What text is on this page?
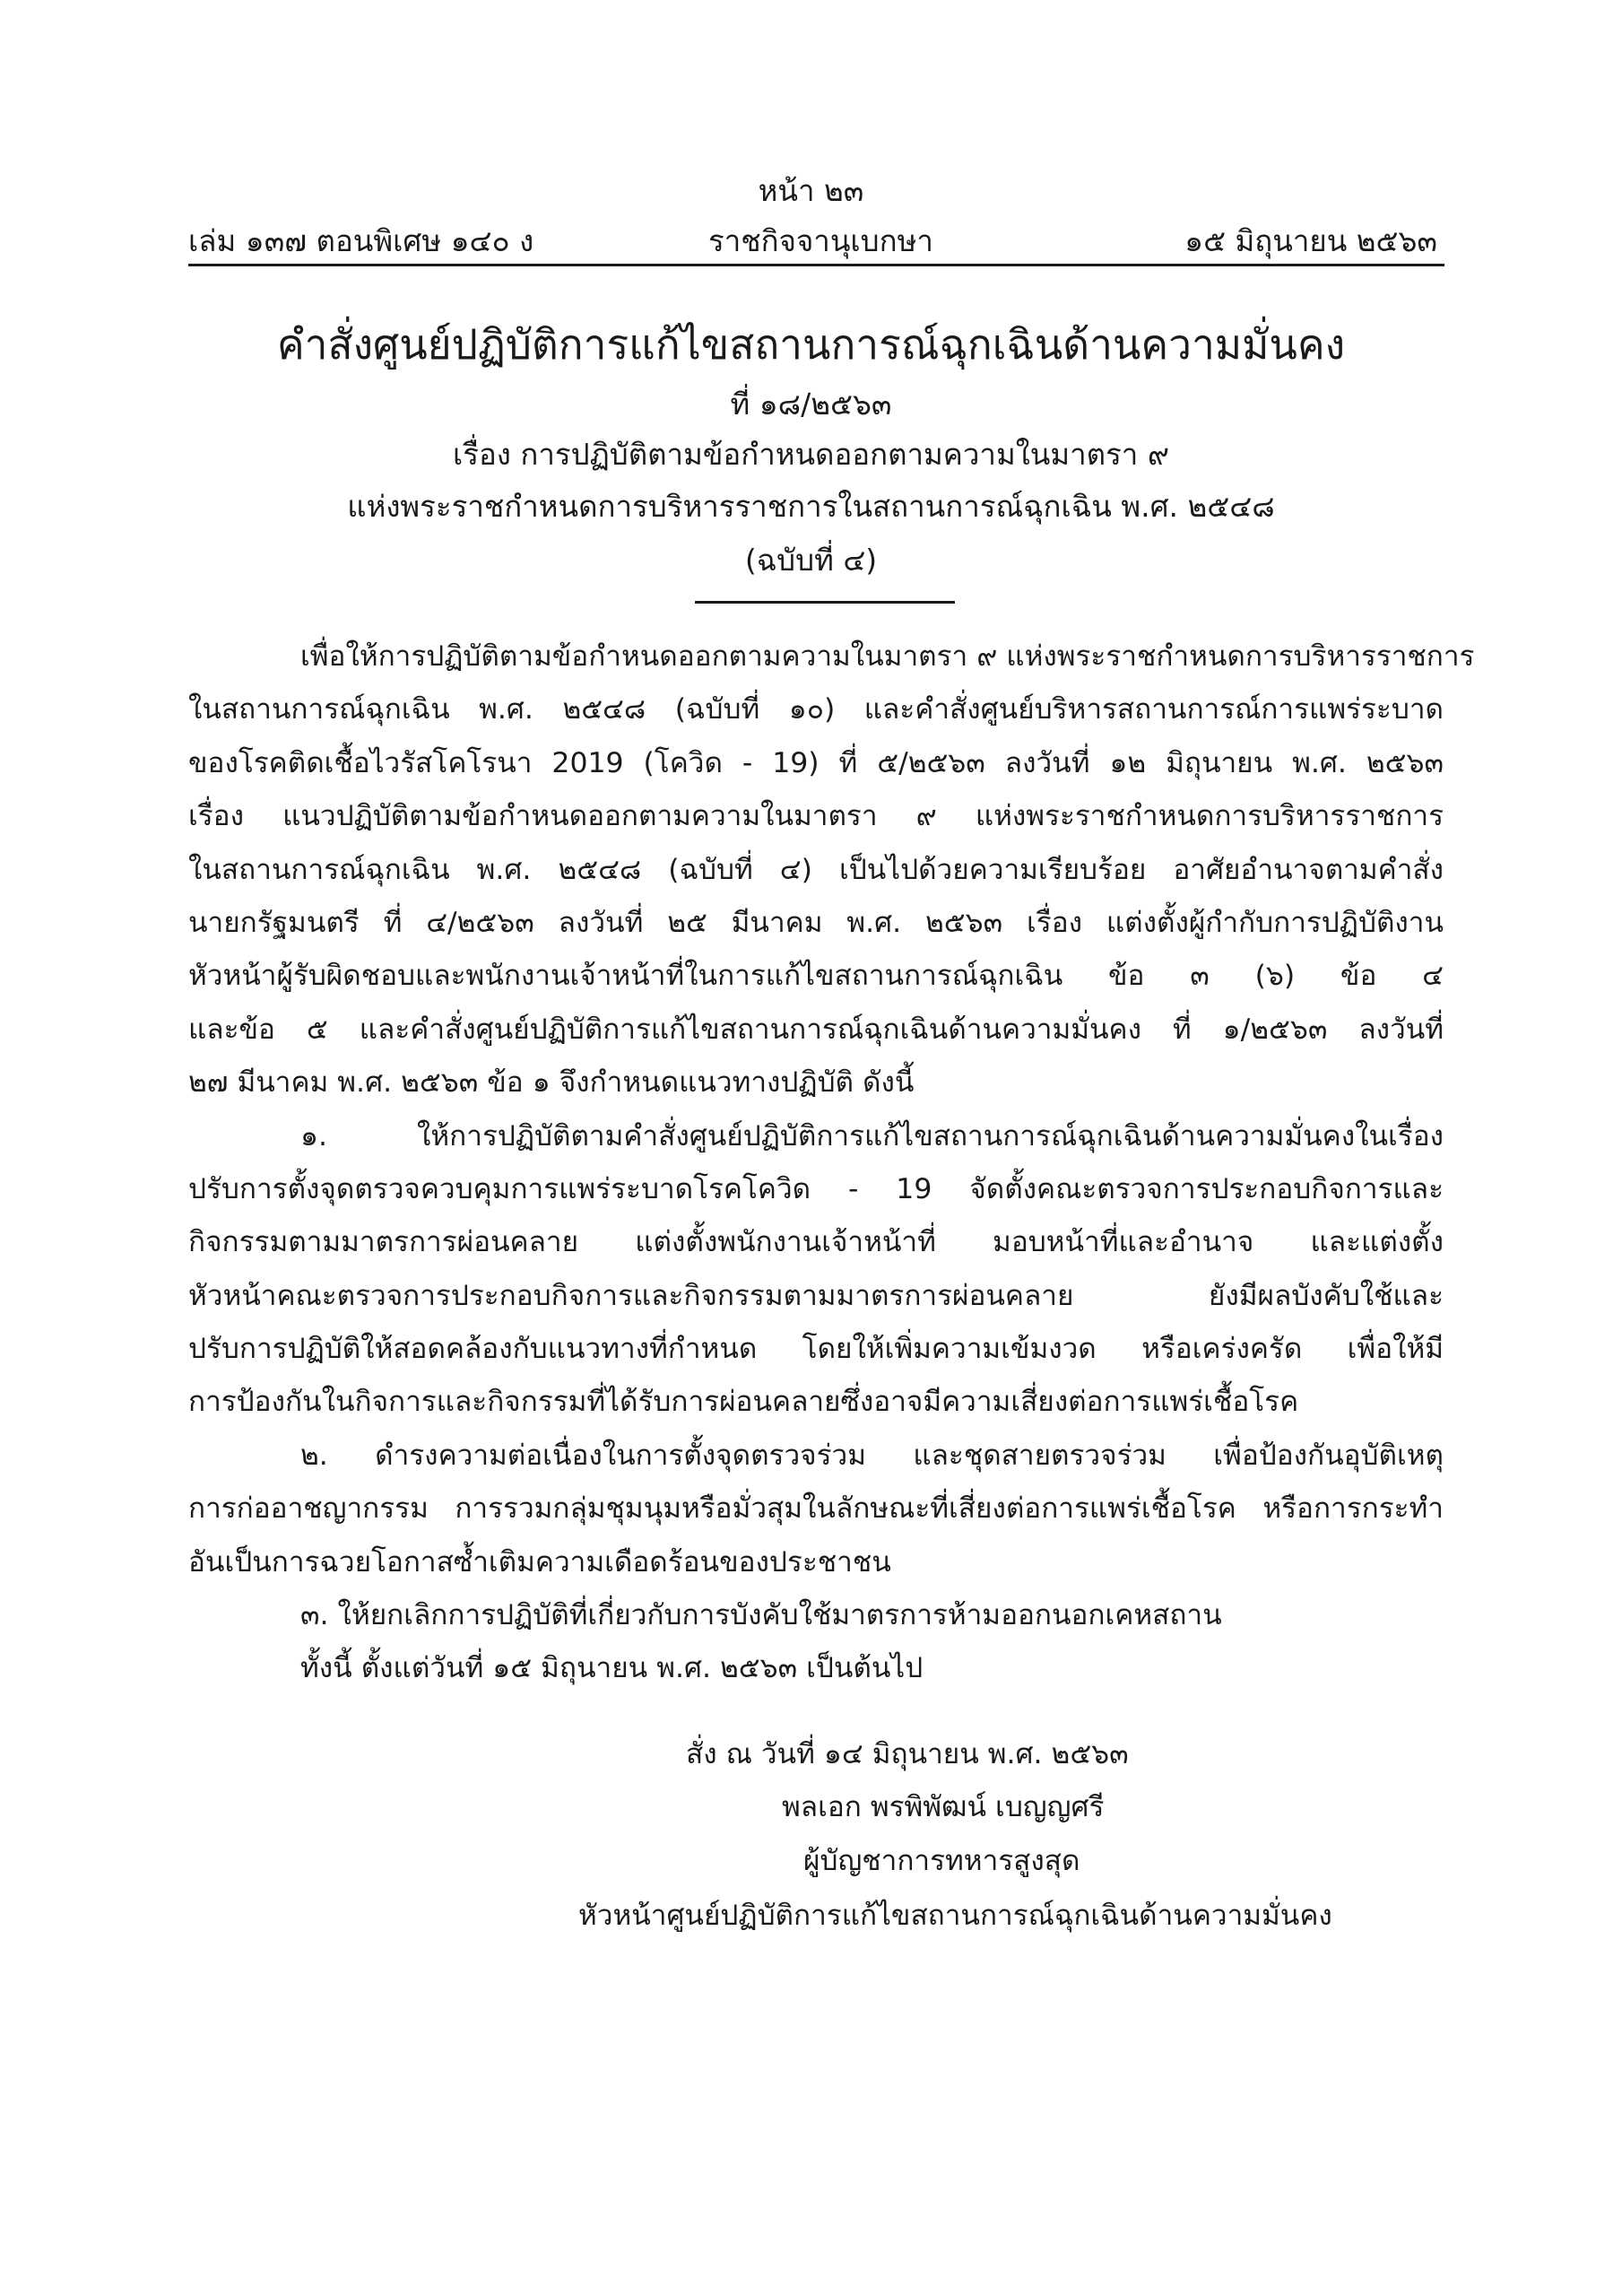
หน้า ๒๓
เล่ม ๑๓๗ ตอนพิเศษ ๑๔๐ ง	ราชกิจจานุเบกษา	๑๕ มิถุนายน ๒๕๖๓
คำสั่งศูนย์ปฏิบัติการแก้ไขสถานการณ์ฉุกเฉินด้านความมั่นคง
ที่ ๑๘/๒๕๖๓
เรื่อง การปฏิบัติตามข้อกำหนดออกตามความในมาตรา ๙
แห่งพระราชกำหนดการบริหารราชการในสถานการณ์ฉุกเฉิน พ.ศ. ๒๕๔๘
(ฉบับที่ ๔)
เพื่อให้การปฏิบัติตามข้อกำหนดออกตามความในมาตรา ๙ แห่งพระราชกำหนดการบริหารราชการ
ในสถานการณ์ฉุกเฉิน พ.ศ. ๒๕๔๘ (ฉบับที่ ๑๐) และคำสั่งศูนย์บริหารสถานการณ์การแพร่ระบาด
ของโรคติดเชื้อไวรัสโคโรนา 2019 (โควิด - 19) ที่ ๕/๒๕๖๓ ลงวันที่ ๑๒ มิถุนายน พ.ศ. ๒๕๖๓
เรื่อง แนวปฏิบัติตามข้อกำหนดออกตามความในมาตรา ๙ แห่งพระราชกำหนดการบริหารราชการ
ในสถานการณ์ฉุกเฉิน พ.ศ. ๒๕๔๘ (ฉบับที่ ๔) เป็นไปด้วยความเรียบร้อย อาศัยอำนาจตามคำสั่ง
นายกรัฐมนตรี ที่ ๔/๒๕๖๓ ลงวันที่ ๒๕ มีนาคม พ.ศ. ๒๕๖๓ เรื่อง แต่งตั้งผู้กำกับการปฏิบัติงาน
หัวหน้าผู้รับผิดชอบและพนักงานเจ้าหน้าที่ในการแก้ไขสถานการณ์ฉุกเฉิน ข้อ ๓ (๖) ข้อ ๔
และข้อ ๕ และคำสั่งศูนย์ปฏิบัติการแก้ไขสถานการณ์ฉุกเฉินด้านความมั่นคง ที่ ๑/๒๕๖๓ ลงวันที่
๒๗ มีนาคม พ.ศ. ๒๕๖๓ ข้อ ๑ จึงกำหนดแนวทางปฏิบัติ ดังนี้
๑. ให้การปฏิบัติตามคำสั่งศูนย์ปฏิบัติการแก้ไขสถานการณ์ฉุกเฉินด้านความมั่นคงในเรื่อง
ปรับการตั้งจุดตรวจควบคุมการแพร่ระบาดโรคโควิด - 19 จัดตั้งคณะตรวจการประกอบกิจการและ
กิจกรรมตามมาตรการผ่อนคลาย แต่งตั้งพนักงานเจ้าหน้าที่ มอบหน้าที่และอำนาจ และแต่งตั้ง
หัวหน้าคณะตรวจการประกอบกิจการและกิจกรรมตามมาตรการผ่อนคลาย ยังมีผลบังคับใช้และ
ปรับการปฏิบัติให้สอดคล้องกับแนวทางที่กำหนด โดยให้เพิ่มความเข้มงวด หรือเคร่งครัด เพื่อให้มี
การป้องกันในกิจการและกิจกรรมที่ได้รับการผ่อนคลายซึ่งอาจมีความเสี่ยงต่อการแพร่เชื้อโรค
๒. ดำรงความต่อเนื่องในการตั้งจุดตรวจร่วม และชุดสายตรวจร่วม เพื่อป้องกันอุบัติเหตุ
การก่ออาชญากรรม การรวมกลุ่มชุมนุมหรือมั่วสุมในลักษณะที่เสี่ยงต่อการแพร่เชื้อโรค หรือการกระทำ
อันเป็นการฉวยโอกาสซ้ำเติมความเดือดร้อนของประชาชน
๓. ให้ยกเลิกการปฏิบัติที่เกี่ยวกับการบังคับใช้มาตรการห้ามออกนอกเคหสถาน
ทั้งนี้ ตั้งแต่วันที่ ๑๕ มิถุนายน พ.ศ. ๒๕๖๓ เป็นต้นไป
สั่ง ณ วันที่ ๑๔ มิถุนายน พ.ศ. ๒๕๖๓
พลเอก พรพิพัฒน์ เบญญศรี
ผู้บัญชาการทหารสูงสุด
หัวหน้าศูนย์ปฏิบัติการแก้ไขสถานการณ์ฉุกเฉินด้านความมั่นคง
